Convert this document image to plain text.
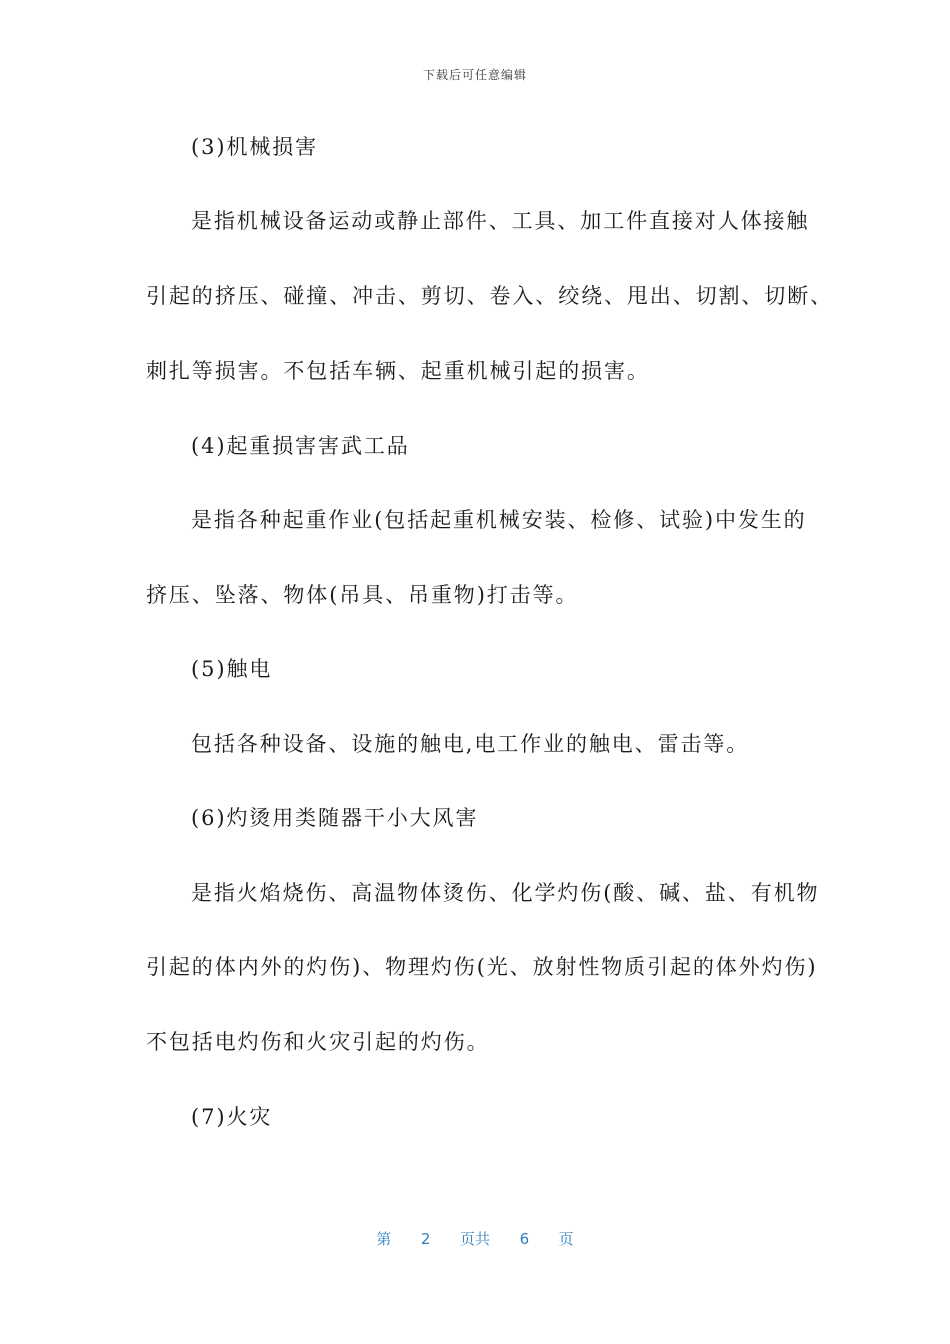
下载后可任意编辑
(3)机械损害
是指机械设备运动或静止部件、工具、加工件直接对人体接触
引起的挤压、碰撞、冲击、剪切、卷入、绞绕、甩出、切割、切断、
刺扎等损害。不包括车辆、起重机械引起的损害。
(4)起重损害害武工品
是指各种起重作业(包括起重机械安装、检修、试验)中发生的
挤压、坠落、物体(吊具、吊重物)打击等。
(5)触电
包括各种设备、设施的触电,电工作业的触电、雷击等。
(6)灼烫用类随器干小大风害
是指火焰烧伤、高温物体烫伤、化学灼伤(酸、碱、盐、有机物
引起的体内外的灼伤)、物理灼伤(光、放射性物质引起的体外灼伤)
不包括电灼伤和火灾引起的灼伤。
(7)火灾
第 2 页共 6 页
